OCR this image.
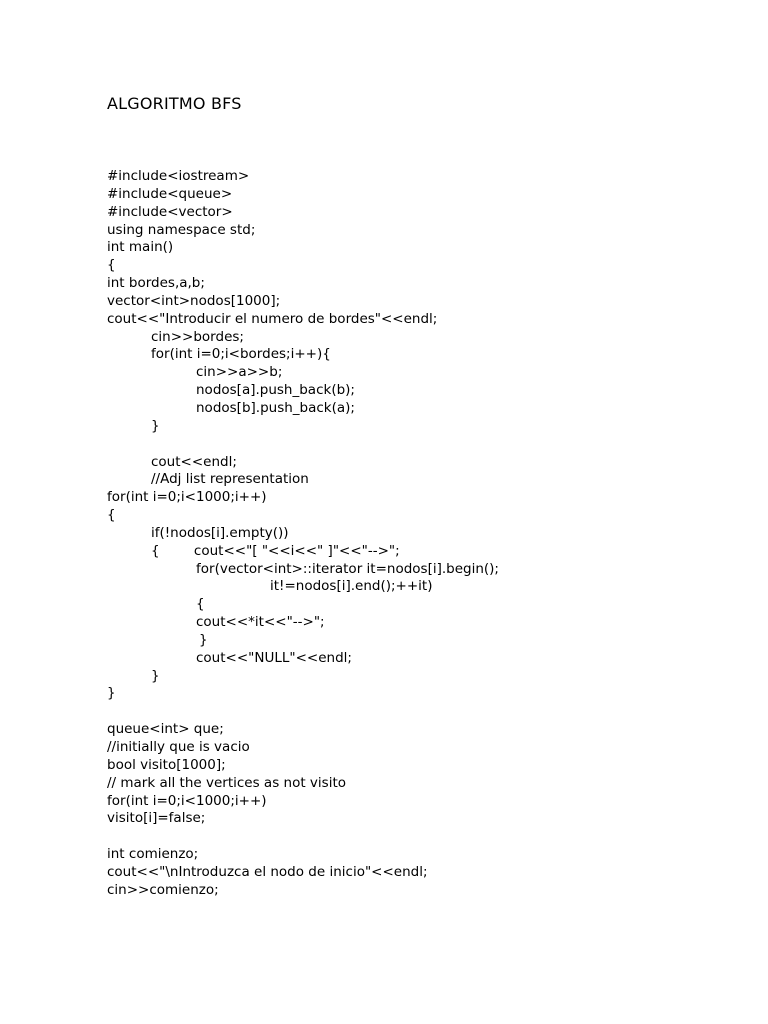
ALGORITMO BFS
#include<iostream>
#include<queue>
#include<vector>
using namespace std;
int main()
{
int bordes,a,b;
vector<int>nodos[1000];
cout<<"Introducir el numero de bordes"<<endl;
cin>>bordes;
for(int i=0;i<bordes;i++){
cin>>a>>b;
nodos[a].push_back(b);
nodos[b].push_back(a);
}
cout<<endl;
//Adj list representation
for(int i=0;i<1000;i++)
{
if(!nodos[i].empty())
{        cout<<"[ "<<i<<" ]"<<"-->";
for(vector<int>::iterator it=nodos[i].begin();
it!=nodos[i].end();++it)
{
cout<<*it<<"-->";
}
cout<<"NULL"<<endl;
}
}
queue<int> que;
//initially que is vacio
bool visito[1000];
// mark all the vertices as not visito
for(int i=0;i<1000;i++)
visito[i]=false;
int comienzo;
cout<<"\nIntroduzca el nodo de inicio"<<endl;
cin>>comienzo;
